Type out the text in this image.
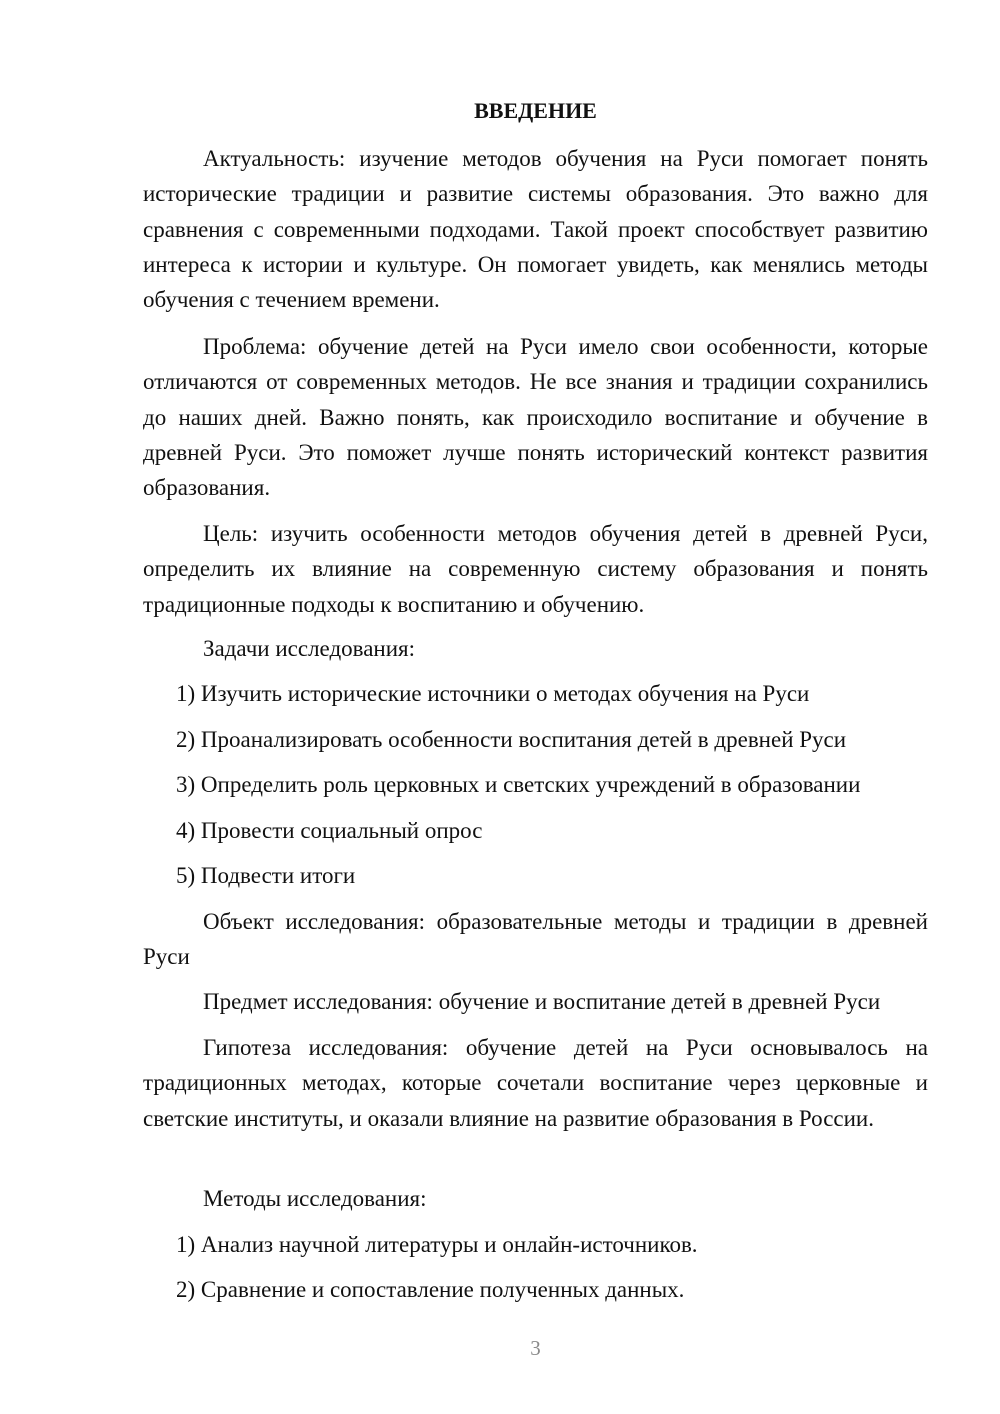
ВВЕДЕНИЕ

Актуальность: изучение методов обучения на Руси помогает понять исторические традиции и развитие системы образования. Это важно для сравнения с современными подходами. Такой проект способствует развитию интереса к истории и культуре. Он помогает увидеть, как менялись методы обучения с течением времени.

Проблема: обучение детей на Руси имело свои особенности, которые отличаются от современных методов. Не все знания и традиции сохранились до наших дней. Важно понять, как происходило воспитание и обучение в древней Руси. Это поможет лучше понять исторический контекст развития образования.

Цель: изучить особенности методов обучения детей в древней Руси, определить их влияние на современную систему образования и понять традиционные подходы к воспитанию и обучению.

Задачи исследования:

1) Изучить исторические источники о методах обучения на Руси

2) Проанализировать особенности воспитания детей в древней Руси

3) Определить роль церковных и светских учреждений в образовании

4) Провести социальный опрос

5) Подвести итоги

Объект исследования: образовательные методы и традиции в древней Руси

Предмет исследования: обучение и воспитание детей в древней Руси

Гипотеза исследования: обучение детей на Руси основывалось на традиционных методах, которые сочетали воспитание через церковные и светские институты, и оказали влияние на развитие образования в России.

Методы исследования:

1) Анализ научной литературы и онлайн-источников.

2) Сравнение и сопоставление полученных данных.

3
